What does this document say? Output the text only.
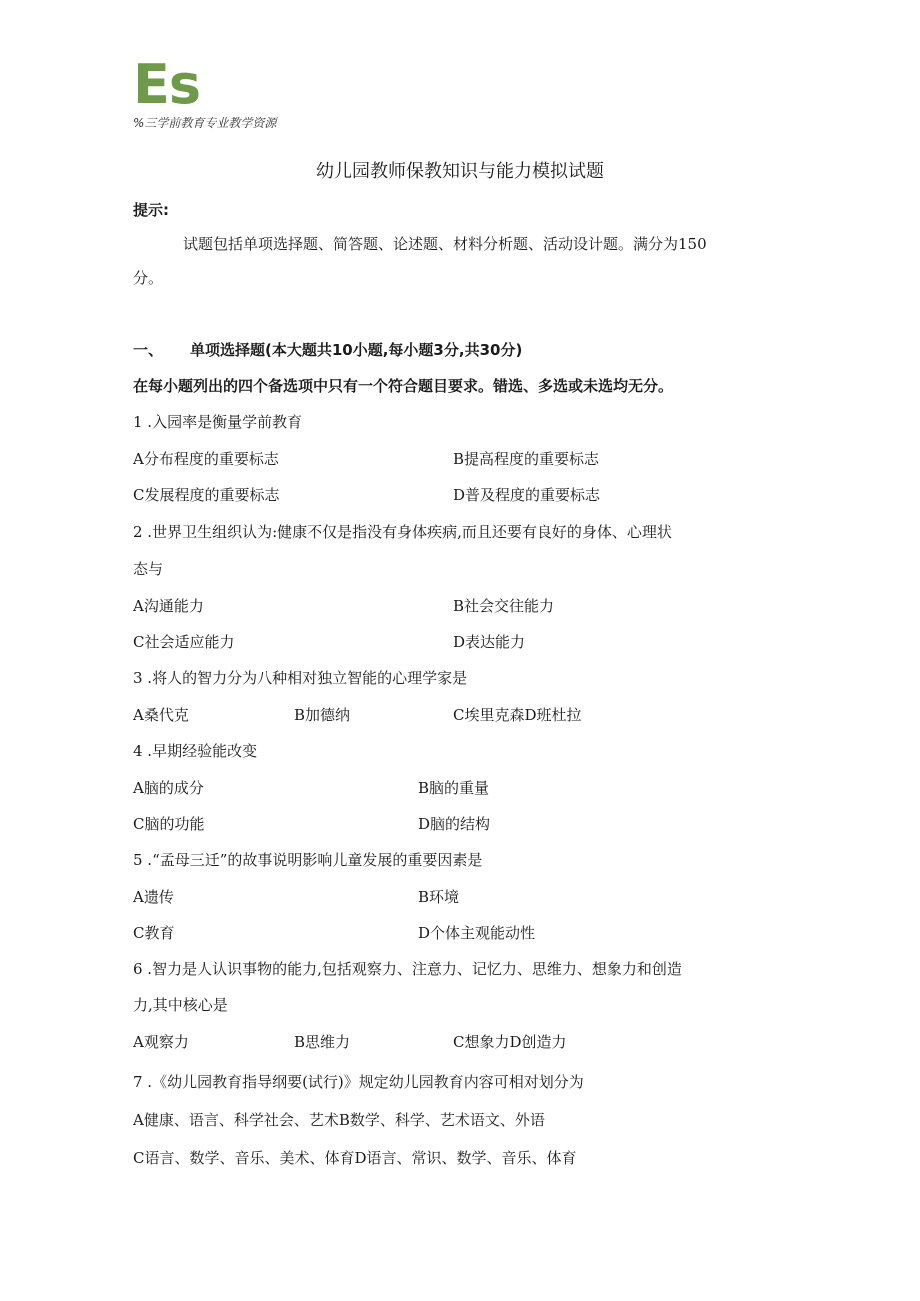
Es
%三学前教育专业教学资源
幼儿园教师保教知识与能力模拟试题
提示:
试题包括单项选择题、简答题、论述题、材料分析题、活动设计题。满分为150
分。
一、 单项选择题(本大题共10小题,每小题3分,共30分)
在每小题列出的四个备选项中只有一个符合题目要求。错选、多选或未选均无分。
1 .入园率是衡量学前教育
A分布程度的重要标志	B提高程度的重要标志
C发展程度的重要标志	D普及程度的重要标志
2 .世界卫生组织认为:健康不仅是指没有身体疾病,而且还要有良好的身体、心理状
态与
A沟通能力	B社会交往能力
C社会适应能力	D表达能力
3 .将人的智力分为八种相对独立智能的心理学家是
A桑代克	B加德纳	C埃里克森D班杜拉
4 .早期经验能改变
A脑的成分	B脑的重量
C脑的功能	D脑的结构
5 .“孟母三迁”的故事说明影响儿童发展的重要因素是
A遗传	B环境
C教育	D个体主观能动性
6 .智力是人认识事物的能力,包括观察力、注意力、记忆力、思维力、想象力和创造
力,其中核心是
A观察力	B思维力	C想象力D创造力
7 .《幼儿园教育指导纲要(试行)》规定幼儿园教育内容可相对划分为
A健康、语言、科学社会、艺术B数学、科学、艺术语文、外语
C语言、数学、音乐、美术、体育D语言、常识、数学、音乐、体育
